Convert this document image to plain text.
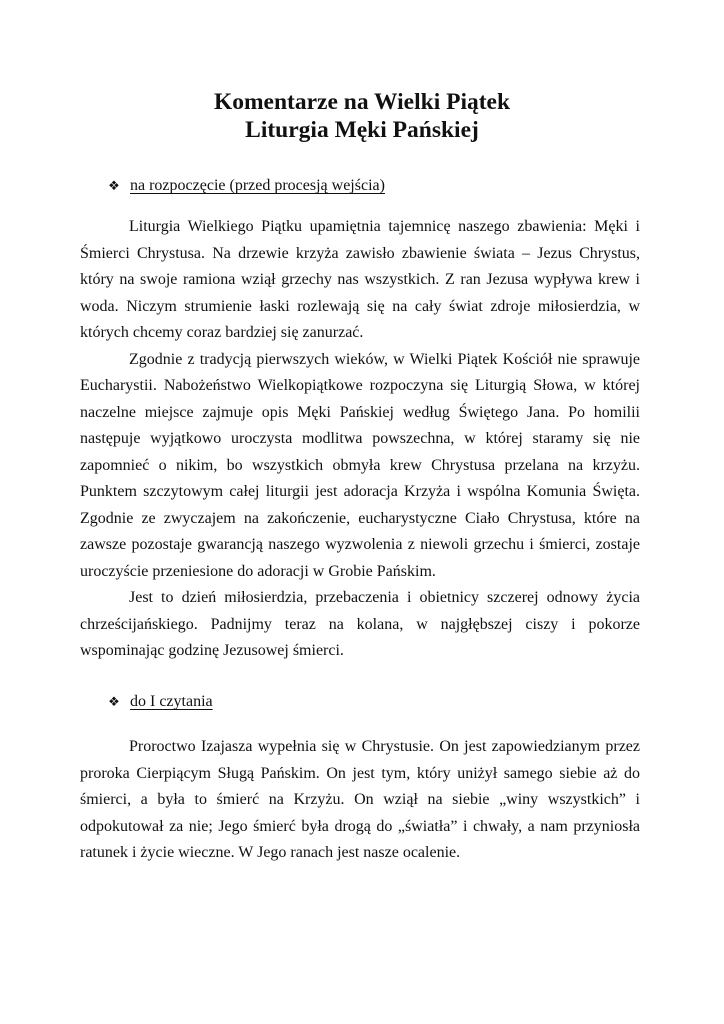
Komentarze na Wielki Piątek
Liturgia Męki Pańskiej
❖ na rozpoczęcie (przed procesją wejścia)

Liturgia Wielkiego Piątku upamiętnia tajemnicę naszego zbawienia: Męki i Śmierci Chrystusa. Na drzewie krzyża zawisło zbawienie świata – Jezus Chrystus, który na swoje ramiona wziął grzechy nas wszystkich. Z ran Jezusa wypływa krew i woda. Niczym strumienie łaski rozlewają się na cały świat zdroje miłosierdzia, w których chcemy coraz bardziej się zanurzać.

Zgodnie z tradycją pierwszych wieków, w Wielki Piątek Kościół nie sprawuje Eucharystii. Nabożeństwo Wielkopiątkowe rozpoczyna się Liturgią Słowa, w której naczelne miejsce zajmuje opis Męki Pańskiej według Świętego Jana. Po homilii następuje wyjątkowo uroczysta modlitwa powszechna, w której staramy się nie zapomnieć o nikim, bo wszystkich obmyła krew Chrystusa przelana na krzyżu. Punktem szczytowym całej liturgii jest adoracja Krzyża i wspólna Komunia Święta. Zgodnie ze zwyczajem na zakończenie, eucharystyczne Ciało Chrystusa, które na zawsze pozostaje gwarancją naszego wyzwolenia z niewoli grzechu i śmierci, zostaje uroczyście przeniesione do adoracji w Grobie Pańskim.

Jest to dzień miłosierdzia, przebaczenia i obietnicy szczerej odnowy życia chrześcijańskiego. Padnijmy teraz na kolana, w najgłębszej ciszy i pokorze wspominając godzinę Jezusowej śmierci.

❖ do I czytania

Proroctwo Izajasza wypełnia się w Chrystusie. On jest zapowiedzianym przez proroka Cierpiącym Sługą Pańskim. On jest tym, który uniżył samego siebie aż do śmierci, a była to śmierć na Krzyżu. On wziął na siebie „winy wszystkich” i odpokutował za nie; Jego śmierć była drogą do „światła” i chwały, a nam przyniosła ratunek i życie wieczne. W Jego ranach jest nasze ocalenie.
